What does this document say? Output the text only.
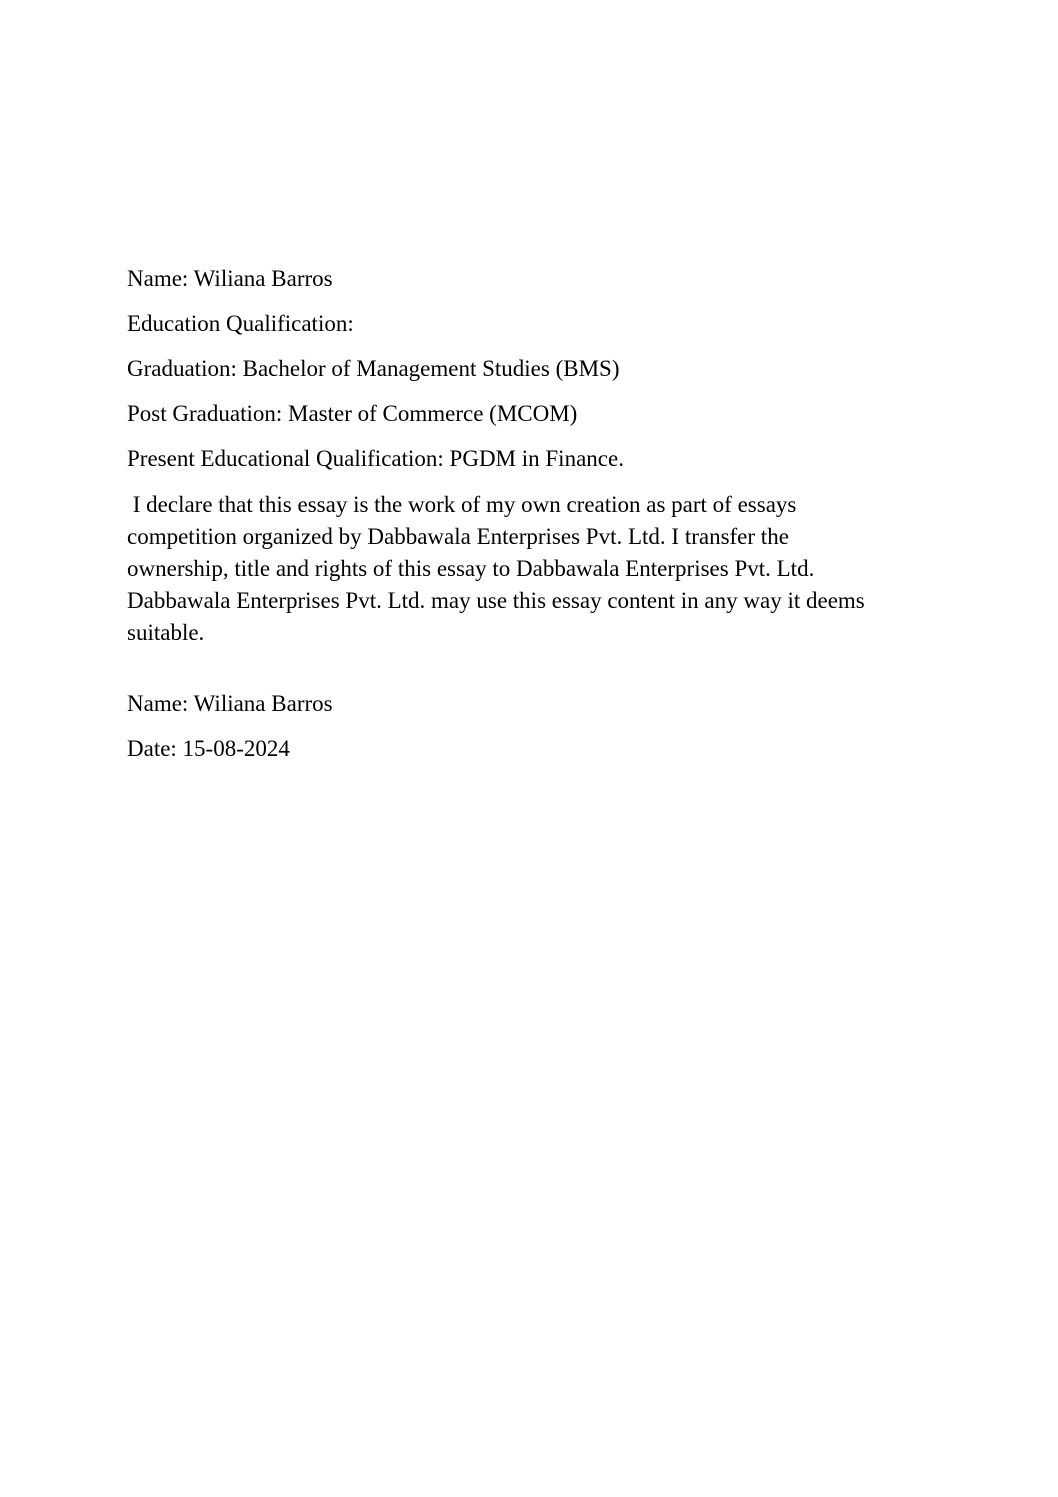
Name: Wiliana Barros

Education Qualification:

Graduation: Bachelor of Management Studies (BMS)

Post Graduation: Master of Commerce (MCOM)

Present Educational Qualification: PGDM in Finance.

I declare that this essay is the work of my own creation as part of essays
competition organized by Dabbawala Enterprises Pvt. Ltd. I transfer the
ownership, title and rights of this essay to Dabbawala Enterprises Pvt. Ltd.
Dabbawala Enterprises Pvt. Ltd. may use this essay content in any way it deems
suitable.

Name: Wiliana Barros

Date: 15-08-2024
